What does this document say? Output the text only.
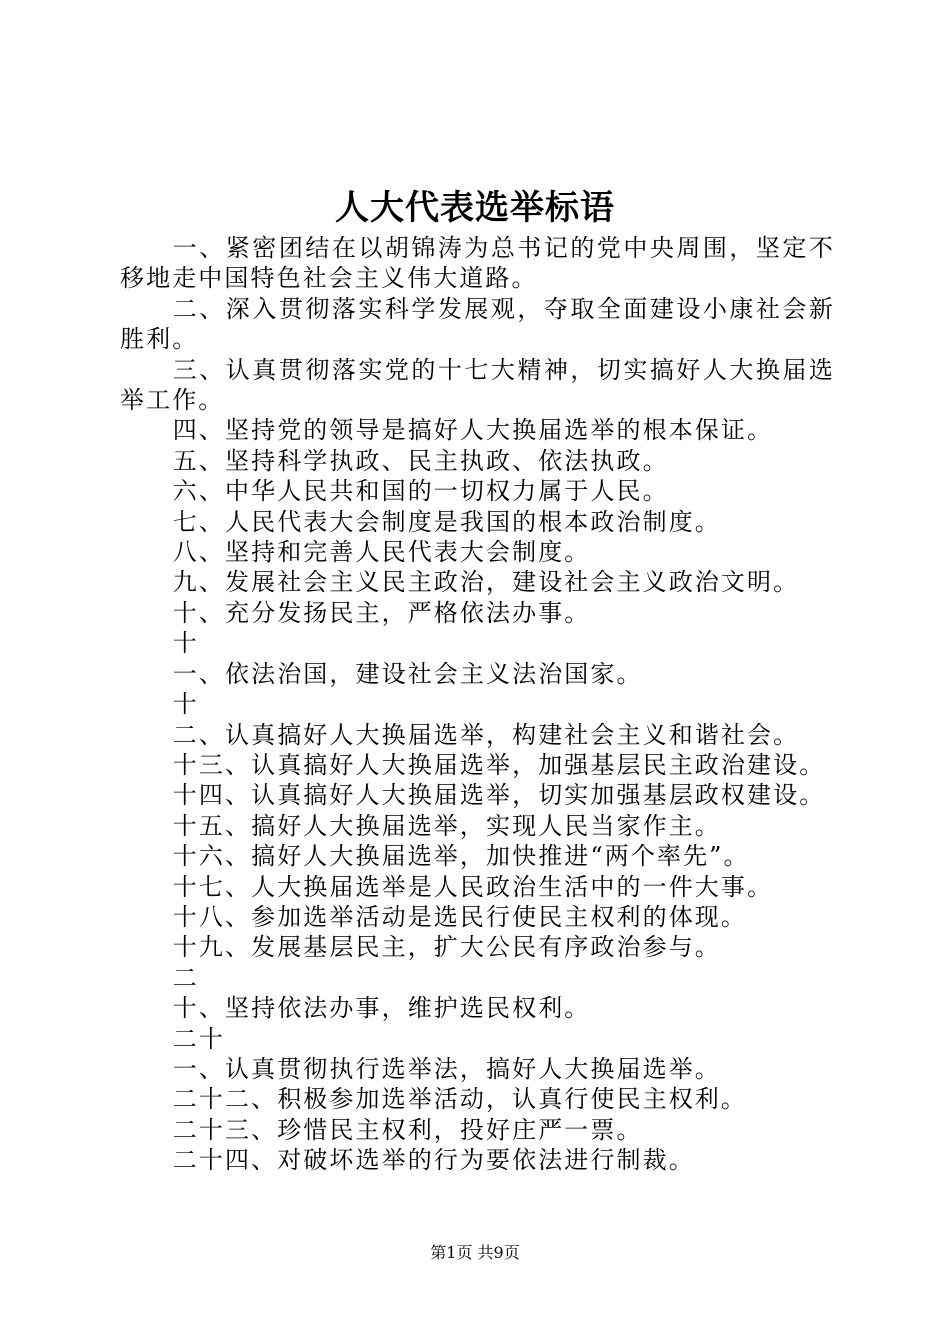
人大代表选举标语

一、紧密团结在以胡锦涛为总书记的党中央周围，坚定不移地走中国特色社会主义伟大道路。

二、深入贯彻落实科学发展观，夺取全面建设小康社会新胜利。

三、认真贯彻落实党的十七大精神，切实搞好人大换届选举工作。

四、坚持党的领导是搞好人大换届选举的根本保证。

五、坚持科学执政、民主执政、依法执政。

六、中华人民共和国的一切权力属于人民。

七、人民代表大会制度是我国的根本政治制度。

八、坚持和完善人民代表大会制度。

九、发展社会主义民主政治，建设社会主义政治文明。

十、充分发扬民主，严格依法办事。

十

一、依法治国，建设社会主义法治国家。

十

二、认真搞好人大换届选举，构建社会主义和谐社会。

十三、认真搞好人大换届选举，加强基层民主政治建设。

十四、认真搞好人大换届选举，切实加强基层政权建设。

十五、搞好人大换届选举，实现人民当家作主。

十六、搞好人大换届选举，加快推进“两个率先”。

十七、人大换届选举是人民政治生活中的一件大事。

十八、参加选举活动是选民行使民主权利的体现。

十九、发展基层民主，扩大公民有序政治参与。

二

十、坚持依法办事，维护选民权利。

二十

一、认真贯彻执行选举法，搞好人大换届选举。

二十二、积极参加选举活动，认真行使民主权利。

二十三、珍惜民主权利，投好庄严一票。

二十四、对破坏选举的行为要依法进行制裁。

第1页 共9页
